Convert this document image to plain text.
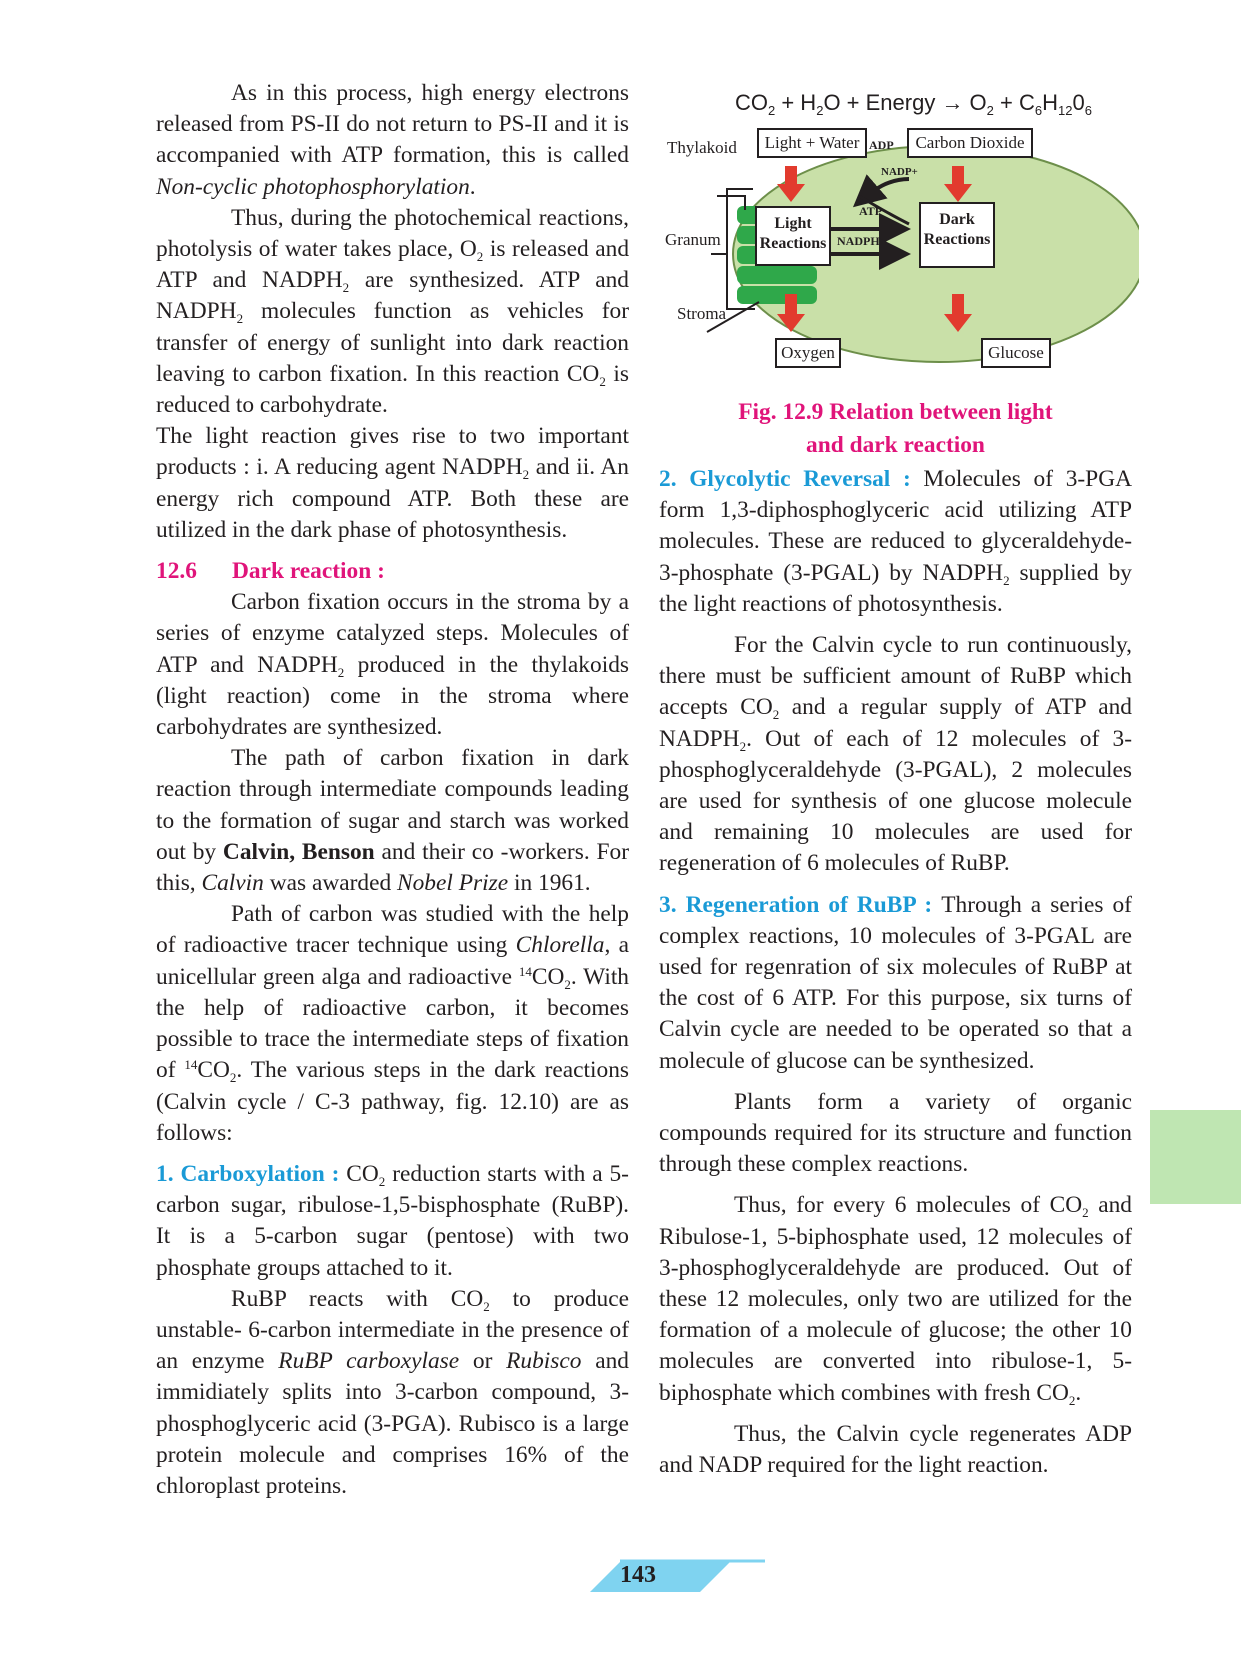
As in this process, high energy electrons released from PS-II do not return to PS-II and it is accompanied with ATP formation, this is called Non-cyclic photophosphorylation.

Thus, during the photochemical reactions, photolysis of water takes place, $O_2$ is released and ATP and $NADPH_2$ are synthesized. ATP and $NADPH_2$ molecules function as vehicles for transfer of energy of sunlight into dark reaction leaving to carbon fixation. In this reaction $CO_2$ is reduced to carbohydrate.

The light reaction gives rise to two important products : i. A reducing agent $NADPH_2$ and ii. An energy rich compound ATP. Both these are utilized in the dark phase of photosynthesis.

12.6 Dark reaction :

Carbon fixation occurs in the stroma by a series of enzyme catalyzed steps. Molecules of ATP and $NADPH_2$ produced in the thylakoids (light reaction) come in the stroma where carbohydrates are synthesized.

The path of carbon fixation in dark reaction through intermediate compounds leading to the formation of sugar and starch was worked out by Calvin, Benson and their co -workers. For this, Calvin was awarded Nobel Prize in 1961.

Path of carbon was studied with the help of radioactive tracer technique using Chlorella, a unicellular green alga and radioactive $^{14}CO_2$. With the help of radioactive carbon, it becomes possible to trace the intermediate steps of fixation of $^{14}CO_2$. The various steps in the dark reactions (Calvin cycle / C-3 pathway, fig. 12.10) are as follows:

1. Carboxylation : $CO_2$ reduction starts with a 5-carbon sugar, ribulose-1,5-bisphosphate (RuBP). It is a 5-carbon sugar (pentose) with two phosphate groups attached to it.

RuBP reacts with $CO_2$ to produce unstable- 6-carbon intermediate in the presence of an enzyme RuBP carboxylase or Rubisco and immidiately splits into 3-carbon compound, 3-phosphoglyceric acid (3-PGA). Rubisco is a large protein molecule and comprises 16% of the chloroplast proteins.

$CO_2 + H_2O$ + Energy → $O_2 + C_6H_{12}0_6$
Thylakoid
Granum
Stroma
Light + Water	Carbon Dioxide
ADP
NADP+
ATP
NADPH
Light
Reactions
Dark
Reactions
Oxygen	Glucose
Fig. 12.9 Relation between light
and dark reaction

2. Glycolytic Reversal : Molecules of 3-PGA form 1,3-diphosphoglyceric acid utilizing ATP molecules. These are reduced to glyceraldehyde-3-phosphate (3-PGAL) by $NADPH_2$ supplied by the light reactions of photosynthesis.

For the Calvin cycle to run continuously, there must be sufficient amount of RuBP which accepts $CO_2$ and a regular supply of ATP and $NADPH_2$. Out of each of 12 molecules of 3-phosphoglyceraldehyde (3-PGAL), 2 molecules are used for synthesis of one glucose molecule and remaining 10 molecules are used for regeneration of 6 molecules of RuBP.

3. Regeneration of RuBP : Through a series of complex reactions, 10 molecules of 3-PGAL are used for regenration of six molecules of RuBP at the cost of 6 ATP. For this purpose, six turns of Calvin cycle are needed to be operated so that a molecule of glucose can be synthesized.

Plants form a variety of organic compounds required for its structure and function through these complex reactions.

Thus, for every 6 molecules of $CO_2$ and Ribulose-1, 5-biphosphate used, 12 molecules of 3-phosphoglyceraldehyde are produced. Out of these 12 molecules, only two are utilized for the formation of a molecule of glucose; the other 10 molecules are converted into ribulose-1, 5-biphosphate which combines with fresh $CO_2$.

Thus, the Calvin cycle regenerates ADP and NADP required for the light reaction.

143
